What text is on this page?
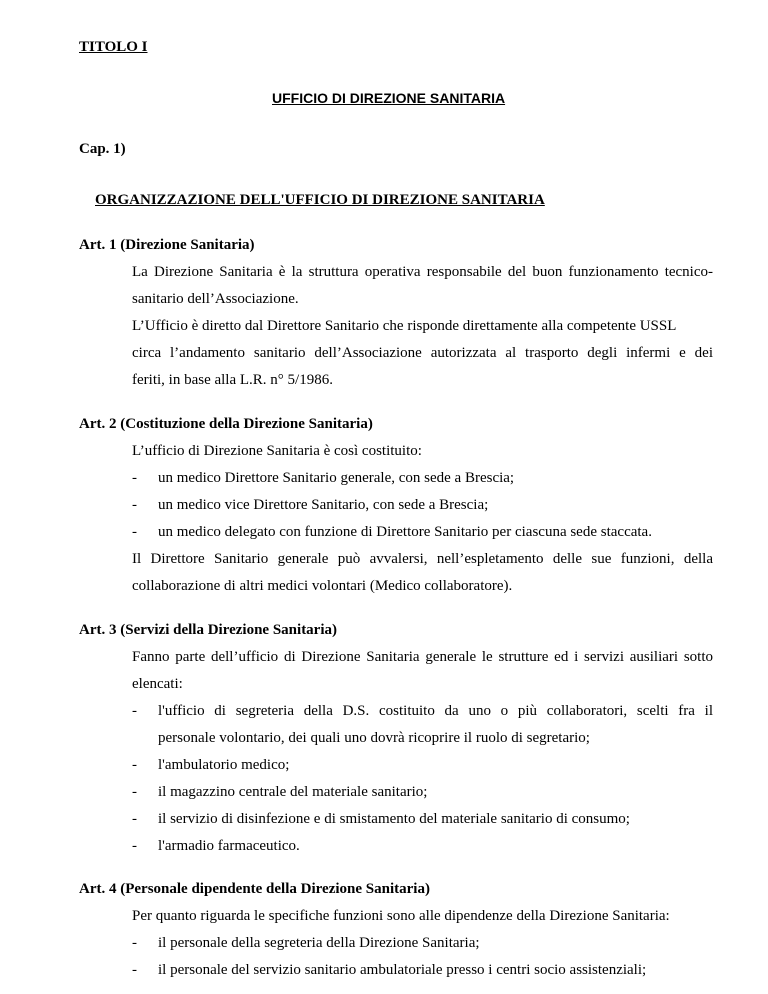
TITOLO I
UFFICIO DI DIREZIONE SANITARIA
Cap. 1)
ORGANIZZAZIONE DELL'UFFICIO DI DIREZIONE SANITARIA
Art. 1 (Direzione Sanitaria)
La Direzione Sanitaria è la struttura operativa responsabile del buon funzionamento tecnico-
sanitario dell’Associazione.
L’Ufficio è diretto dal Direttore Sanitario che risponde direttamente alla competente USSL
circa l’andamento sanitario dell’Associazione autorizzata al trasporto degli infermi e dei
feriti, in base alla L.R. n° 5/1986.
Art. 2 (Costituzione della Direzione Sanitaria)
L’ufficio di Direzione Sanitaria è così costituito:
- un medico Direttore Sanitario generale, con sede a Brescia;
- un medico vice Direttore Sanitario, con sede a Brescia;
- un medico delegato con funzione di Direttore Sanitario per ciascuna sede staccata.
Il Direttore Sanitario generale può avvalersi, nell’espletamento delle sue funzioni, della
collaborazione di altri medici volontari (Medico collaboratore).
Art. 3 (Servizi della Direzione Sanitaria)
Fanno parte dell’ufficio di Direzione Sanitaria generale le strutture ed i servizi ausiliari sotto
elencati:
- l'ufficio di segreteria della D.S. costituito da uno o più collaboratori, scelti fra il
personale volontario, dei quali uno dovrà ricoprire il ruolo di segretario;
- l'ambulatorio medico;
- il magazzino centrale del materiale sanitario;
- il servizio di disinfezione e di smistamento del materiale sanitario di consumo;
- l'armadio farmaceutico.
Art. 4 (Personale dipendente della Direzione Sanitaria)
Per quanto riguarda le specifiche funzioni sono alle dipendenze della Direzione Sanitaria:
- il personale della segreteria della Direzione Sanitaria;
- il personale del servizio sanitario ambulatoriale presso i centri socio assistenziali;
